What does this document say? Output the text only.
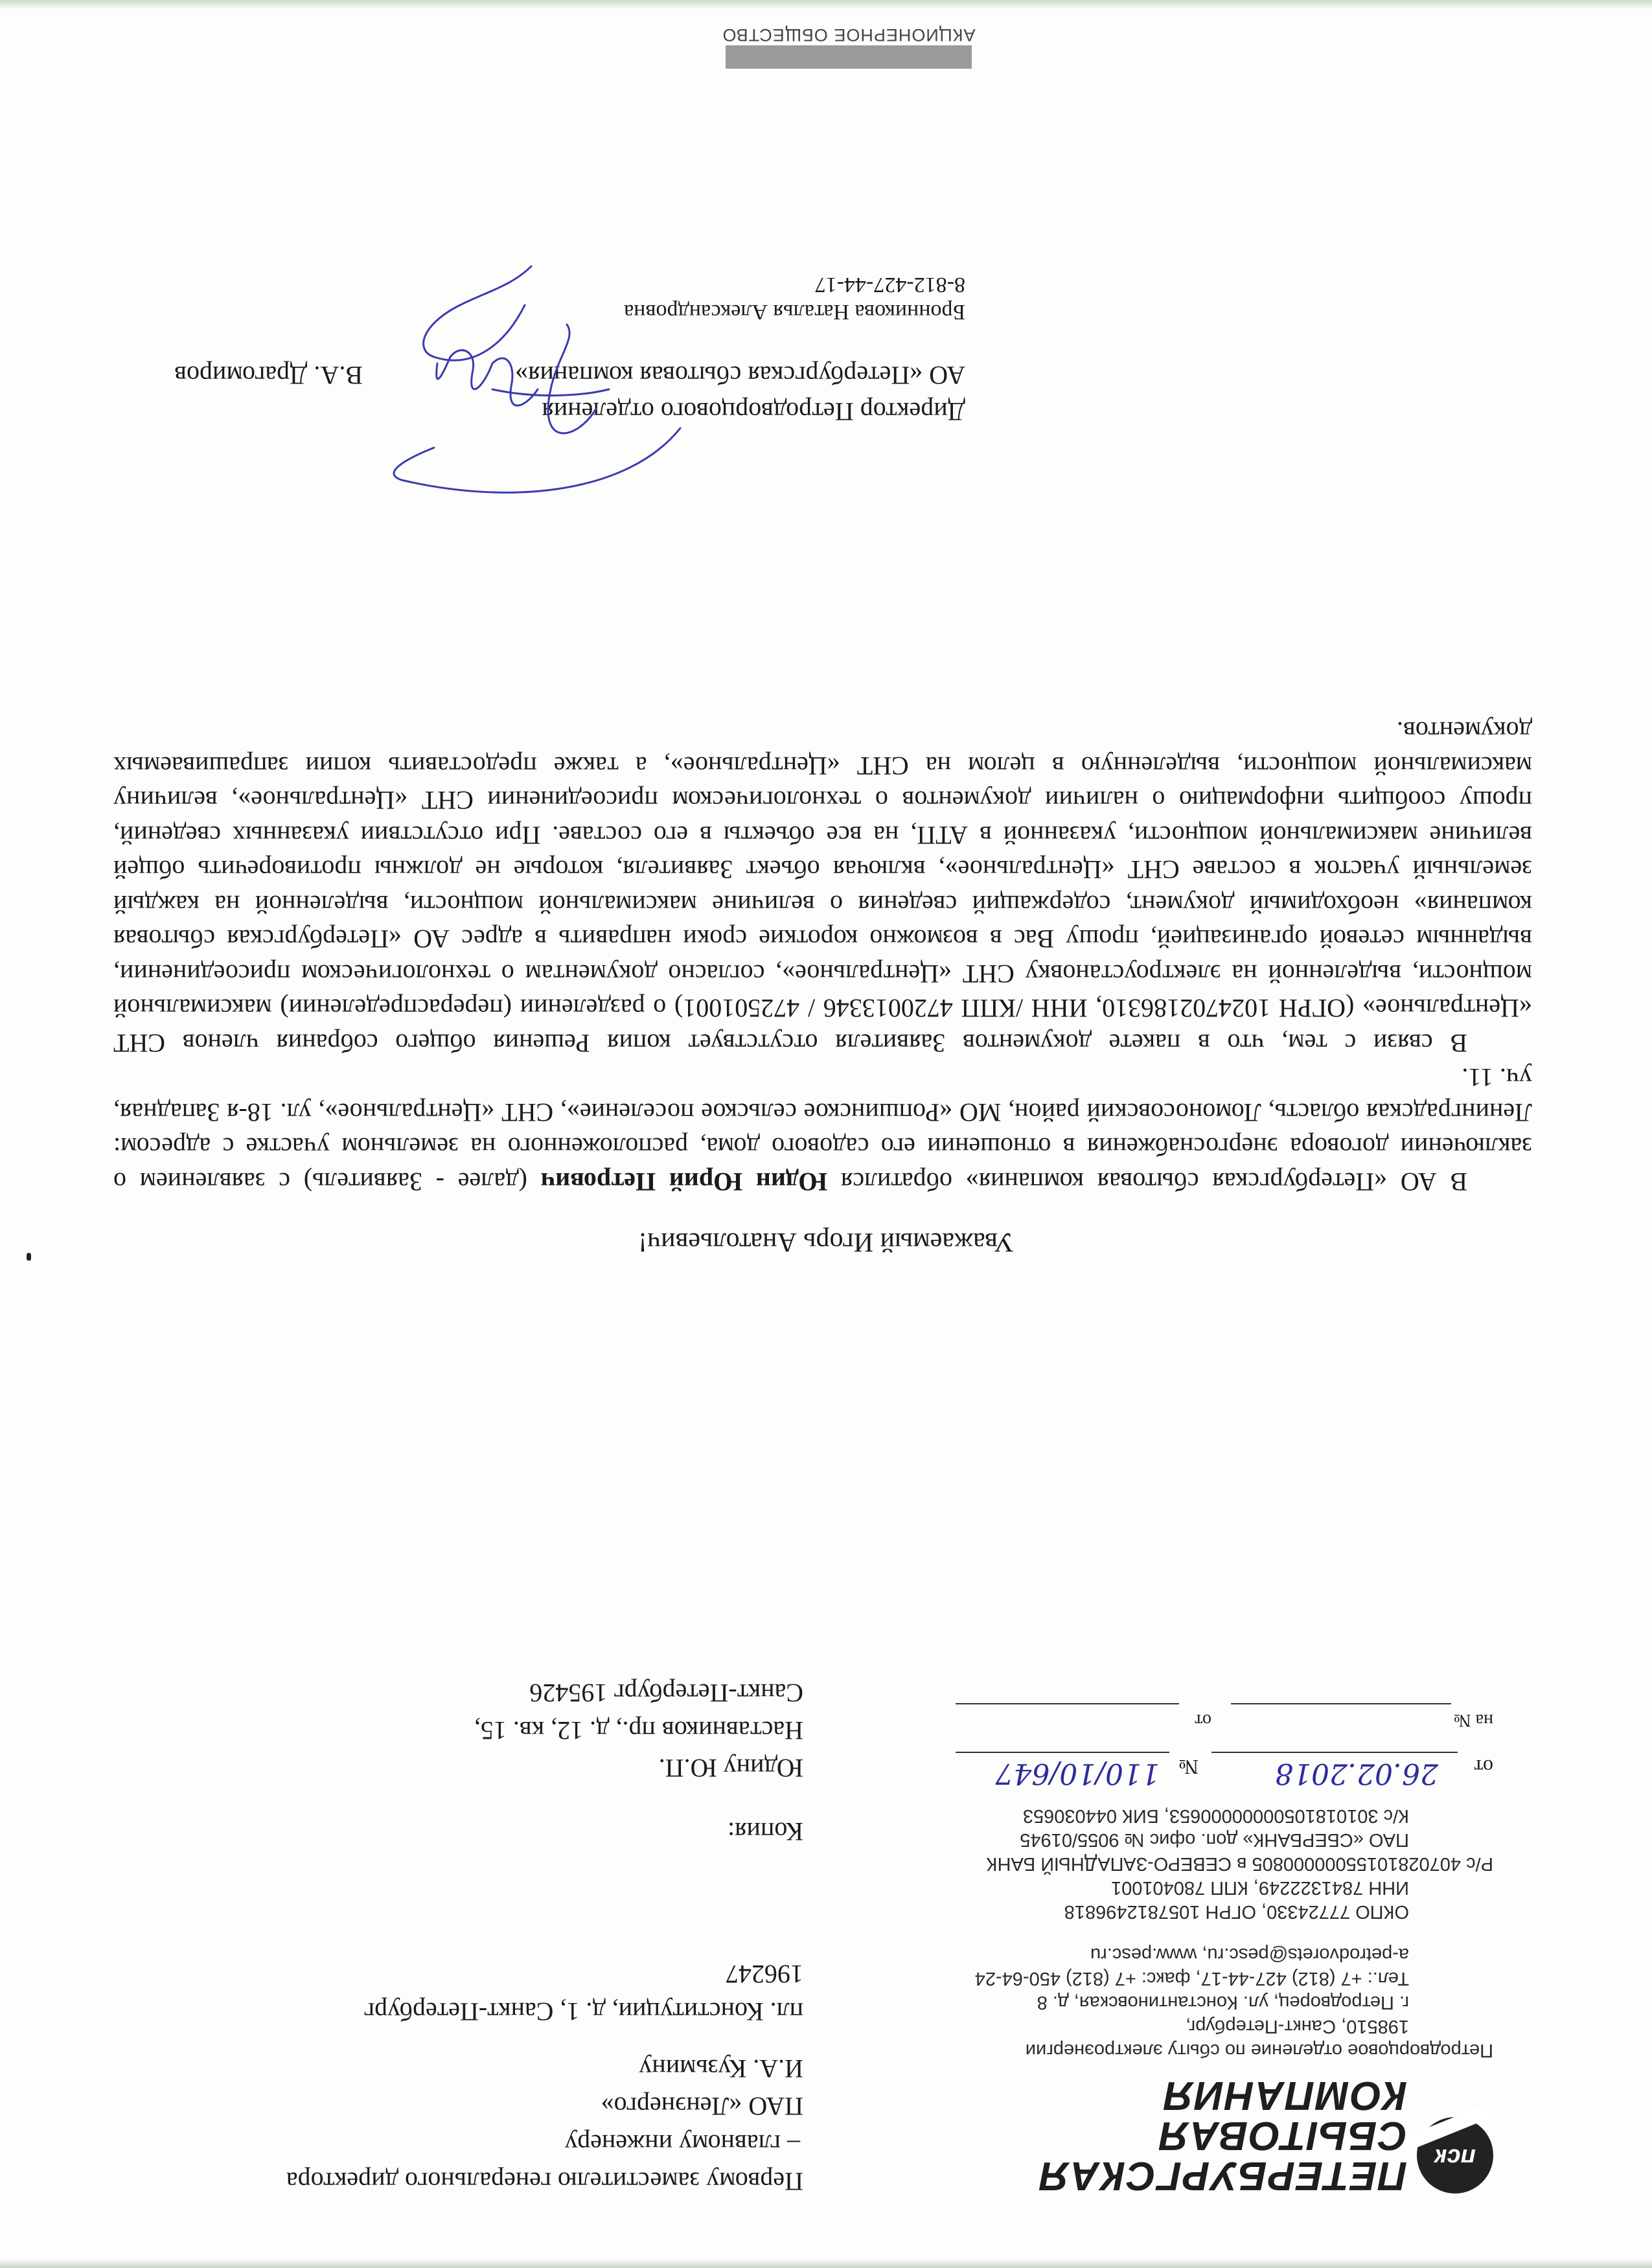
пск
ПЕТЕРБУРГСКАЯ
СБЫТОВАЯ
КОМПАНИЯ
Петродворцовое отделение по сбыту электроэнергии
198510, Санкт-Петербург,
г. Петродворец, ул. Константиновская, д. 8
Тел.: +7 (812) 427-44-17, факс: +7 (812) 450-64-24
a-petrodvorets@pesc.ru, www.pesc.ru
ОКПО 77724330, ОГРН 1057812496818
ИНН 7841322249, КПП 780401001
Р/с 40702810155000000805 в СЕВЕРО-ЗАПАДНЫЙ БАНК
ПАО «СБЕРБАНК» доп. офис № 9055/01945
К/с 30101810500000000653, БИК 044030653
Первому заместителю генерального директора
– главному инженеру
ПАО «Ленэнерго»
И.А. Кузьмину
пл. Конституции, д. 1, Санкт-Петербург
196247
Копия:
Юдину Ю.П.
Наставников пр., д. 12, кв. 15,
Санкт-Петербург 195426
от
26.02.2018
№
110/10/647
на №
от
Уважаемый Игорь Анатольевич!

В АО «Петербургская сбытовая компания» обратился Юдин Юрий Петрович (далее - Заявитель) с заявлением о заключении договора энергоснабжения в отношении его садового дома, расположенного на земельном участке с адресом: Ленинградская область, Ломоносовский район, МО «Ропшинское сельское поселение», СНТ «Центральное», ул. 18-я Западная, уч. 11.

В связи с тем, что в пакете документов Заявителя отсутствует копия Решения общего собрания членов СНТ «Центральное» (ОГРН 1024702186310, ИНН /КПП 4720013346 / 472501001) о разделении (перераспределении) максимальной мощности, выделенной на электроустановку СНТ «Центральное», согласно документам о технологическом присоединении, выданным сетевой организацией, прошу Вас в возможно короткие сроки направить в адрес АО «Петербургская сбытовая компания» необходимый документ, содержащий сведения о величине максимальной мощности, выделенной на каждый земельный участок в составе СНТ «Центральное», включая объект Заявителя, которые не должны противоречить общей величине максимальной мощности, указанной в АТП, на все объекты в его составе. При отсутствии указанных сведений, прошу сообщить информацию о наличии документов о технологическом присоединении СНТ «Центральное», величину максимальной мощности, выделенную в целом на СНТ «Центральное», а также предоставить копии запрашиваемых документов.

Директор Петродворцового отделения
АО «Петербургская сбытовая компания»
В.А. Драгомиров
Бронникова Наталья Александровна
8-812-427-44-17
АКЦИОНЕРНОЕ ОБЩЕСТВО
